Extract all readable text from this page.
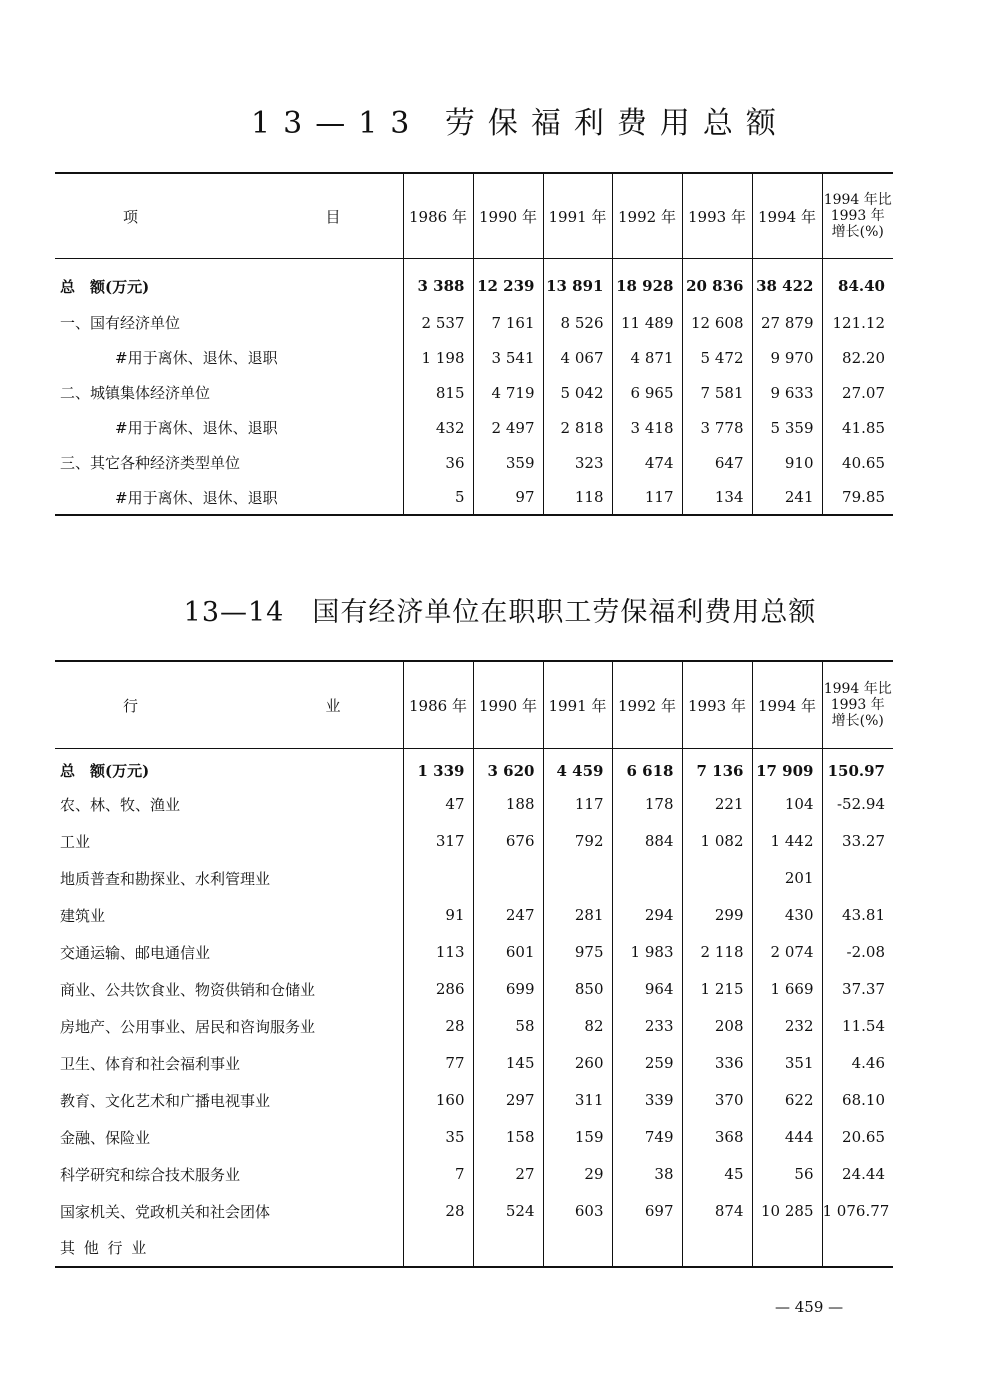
13—13 劳保福利费用总额
项 目	1986 年	1990 年	1991 年	1992 年	1993 年	1994 年	1994 年比
1993 年
增长(%)

总　额(万元)	3 388	12 239	13 891	18 928	20 836	38 422	84.40
一、国有经济单位	2 537	7 161	8 526	11 489	12 608	27 879	121.12
#用于离休、退休、退职	1 198	3 541	4 067	4 871	5 472	9 970	82.20
二、城镇集体经济单位	815	4 719	5 042	6 965	7 581	9 633	27.07
#用于离休、退休、退职	432	2 497	2 818	3 418	3 778	5 359	41.85
三、其它各种经济类型单位	36	359	323	474	647	910	40.65
#用于离休、退休、退职	5	97	118	117	134	241	79.85
13—14　国有经济单位在职职工劳保福利费用总额
行 业	1986 年	1990 年	1991 年	1992 年	1993 年	1994 年	1994 年比
1993 年
增长(%)

总　额(万元)	1 339	3 620	4 459	6 618	7 136	17 909	150.97
农、林、牧、渔业	47	188	117	178	221	104	-52.94
工业	317	676	792	884	1 082	1 442	33.27
地质普查和勘探业、水利管理业						201	
建筑业	91	247	281	294	299	430	43.81
交通运输、邮电通信业	113	601	975	1 983	2 118	2 074	-2.08
商业、公共饮食业、物资供销和仓储业	286	699	850	964	1 215	1 669	37.37
房地产、公用事业、居民和咨询服务业	28	58	82	233	208	232	11.54
卫生、体育和社会福利事业	77	145	260	259	336	351	4.46
教育、文化艺术和广播电视事业	160	297	311	339	370	622	68.10
金融、保险业	35	158	159	749	368	444	20.65
科学研究和综合技术服务业	7	27	29	38	45	56	24.44
国家机关、党政机关和社会团体	28	524	603	697	874	10 285	1 076.77
其 他 行 业							
— 459 —
